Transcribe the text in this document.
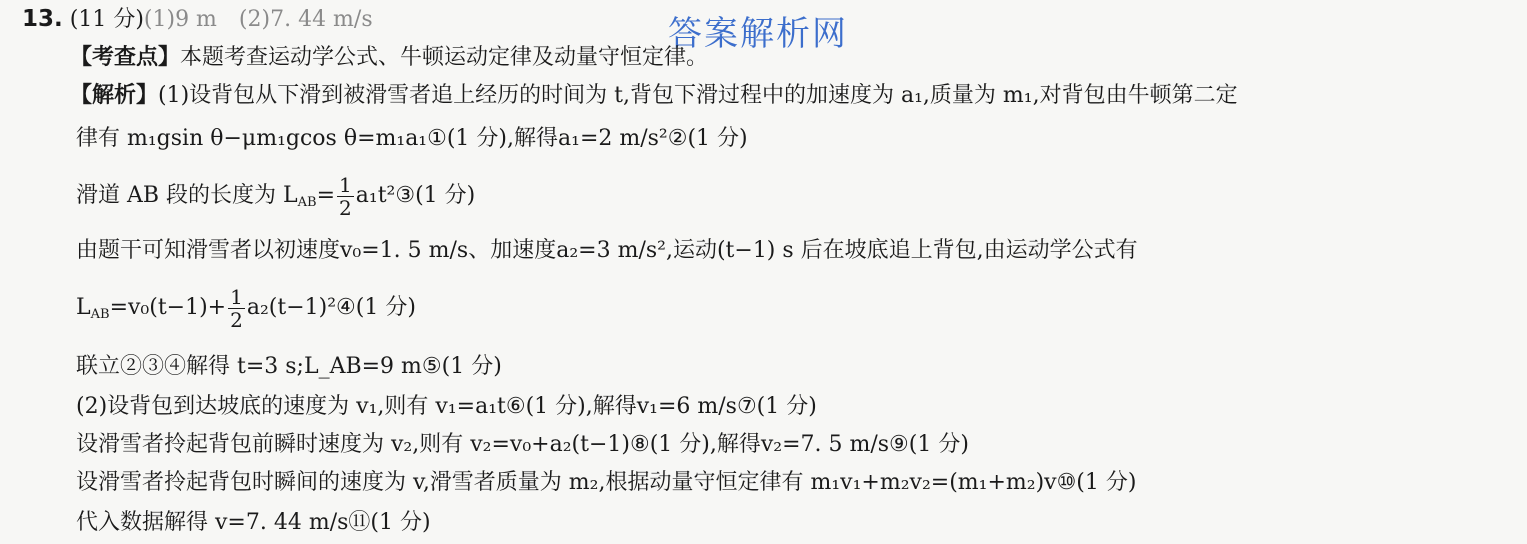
答案解析网
13. (11 分)(1)9 m　(2)7. 44 m/s
【考查点】本题考查运动学公式、牛顿运动定律及动量守恒定律。
【解析】(1)设背包从下滑到被滑雪者追上经历的时间为 t,背包下滑过程中的加速度为 a₁,质量为 m₁,对背包由牛顿第二定
律有 m₁gsin θ−μm₁gcos θ=m₁a₁①(1 分),解得a₁=2 m/s²②(1 分)
滑道 AB 段的长度为 $L_{AB}= \frac{1}{2}$ a₁t²③(1 分)
由题干可知滑雪者以初速度v₀=1. 5 m/s、加速度a₂=3 m/s²,运动(t−1) s 后在坡底追上背包,由运动学公式有
$L_{AB}=v_0(t-1)+ \frac{1}{2}$ a₂(t−1)²④(1 分)
联立②③④解得 t=3 s;L_AB=9 m⑤(1 分)
(2)设背包到达坡底的速度为 v₁,则有 v₁=a₁t⑥(1 分),解得v₁=6 m/s⑦(1 分)
设滑雪者拎起背包前瞬时速度为 v₂,则有 v₂=v₀+a₂(t−1)⑧(1 分),解得v₂=7. 5 m/s⑨(1 分)
设滑雪者拎起背包时瞬间的速度为 v,滑雪者质量为 m₂,根据动量守恒定律有 m₁v₁+m₂v₂=(m₁+m₂)v⑩(1 分)
代入数据解得 v=7. 44 m/s⑪(1 分)
